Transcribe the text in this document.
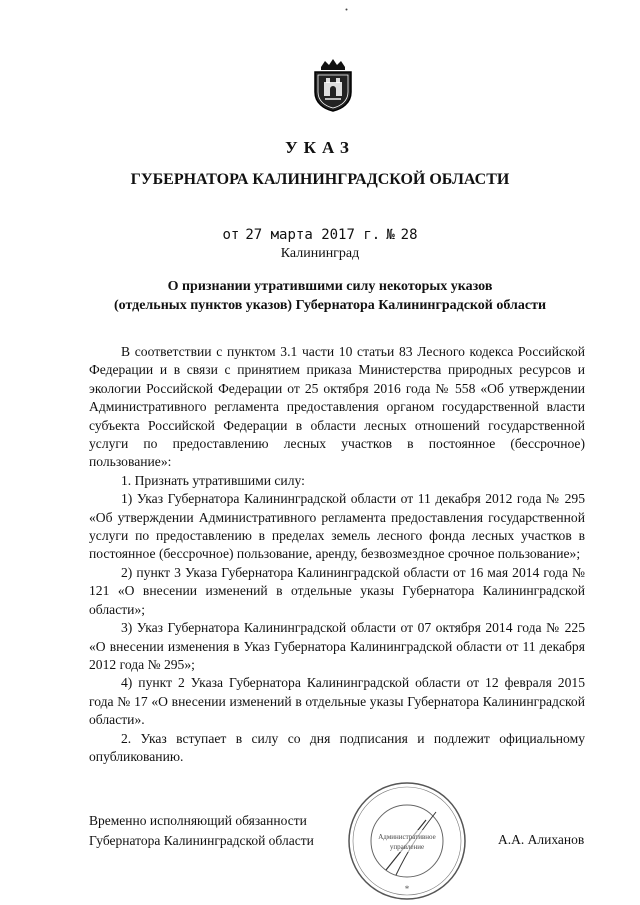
УКАЗ
ГУБЕРНАТОРА КАЛИНИНГРАДСКОЙ ОБЛАСТИ
от 27 марта 2017 г. № 28
Калининград
О признании утратившими силу некоторых указов
(отдельных пунктов указов) Губернатора Калининградской области

В соответствии с пунктом 3.1 части 10 статьи 83 Лесного кодекса Российской Федерации и в связи с принятием приказа Министерства природных ресурсов и экологии Российской Федерации от 25 октября 2016 года № 558 «Об утверждении Административного регламента предоставления органом государственной власти субъекта Российской Федерации в области лесных отношений государственной услуги по предоставлению лесных участков в постоянное (бессрочное) пользование»:

1. Признать утратившими силу:

1) Указ Губернатора Калининградской области от 11 декабря 2012 года № 295 «Об утверждении Административного регламента предоставления государственной услуги по предоставлению в пределах земель лесного фонда лесных участков в постоянное (бессрочное) пользование, аренду, безвозмездное срочное пользование»;

2) пункт 3 Указа Губернатора Калининградской области от 16 мая 2014 года № 121 «О внесении изменений в отдельные указы Губернатора Калининградской области»;

3) Указ Губернатора Калининградской области от 07 октября 2014 года № 225 «О внесении изменения в Указ Губернатора Калининградской области от 11 декабря 2012 года № 295»;

4) пункт 2 Указа Губернатора Калининградской области от 12 февраля 2015 года № 17 «О внесении изменений в отдельные указы Губернатора Калининградской области».

2. Указ вступает в силу со дня подписания и подлежит официальному опубликованию.

Временно исполняющий обязанности
Губернатора Калининградской области	Административное
управление
*
А.А. Алиханов
